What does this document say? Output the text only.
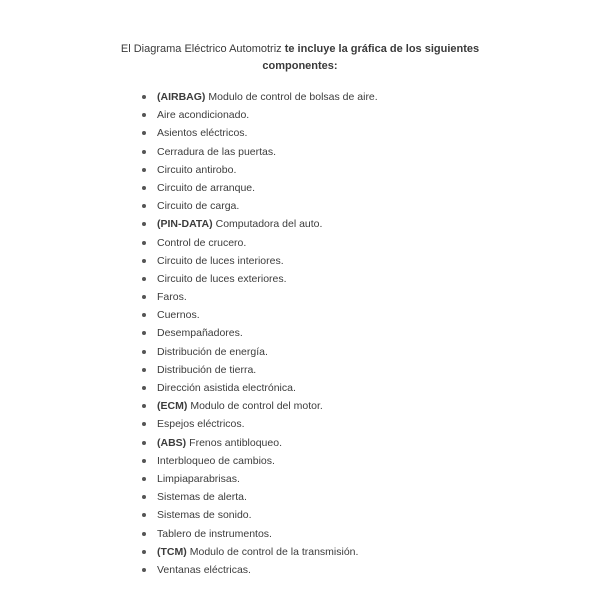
El Diagrama Eléctrico Automotriz te incluye la gráfica de los siguientes
componentes:
(AIRBAG) Modulo de control de bolsas de aire.
Aire acondicionado.
Asientos eléctricos.
Cerradura de las puertas.
Circuito antirobo.
Circuito de arranque.
Circuito de carga.
(PIN-DATA) Computadora del auto.
Control de crucero.
Circuito de luces interiores.
Circuito de luces exteriores.
Faros.
Cuernos.
Desempañadores.
Distribución de energía.
Distribución de tierra.
Dirección asistida electrónica.
(ECM) Modulo de control del motor.
Espejos eléctricos.
(ABS) Frenos antibloqueo.
Interbloqueo de cambios.
Limpiaparabrisas.
Sistemas de alerta.
Sistemas de sonido.
Tablero de instrumentos.
(TCM) Modulo de control de la transmisión.
Ventanas eléctricas.
